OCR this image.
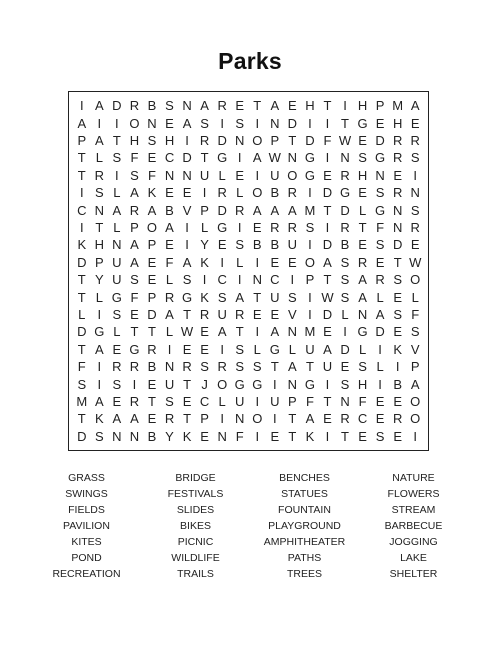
Parks
I A D R B S N A R E T A E H T I H P M A
A I	I O N E A S I S I N D I	I T G E H E
P A T H S H I R D N O P T D F W E D R R
T L S F E C D T G I A W N G I N S G R S
T R I S F N N U L E I U O G E R H N E I
I S L A K E E I R L O B R I D G E S R N
C N A R A B V P D R A A A M T D L G N S
I T L P O A I L G I E R R S I R T F N R
K H N A P E I Y E S B B U I D B E S D E
D P U A E F A K I L I E E O A S R E T W
T Y U S E L S I C I N C I P T S A R S O
T L G F P R G K S A T U S I W S A L E L
L I S E D A T R U R E E V I D L N A S F
D G L T T L W E A T I A N M E I G D E S
T A E G R I E E I S L G L U A D L I K V
F I R R B N R S R S S T A T U E S L I P
S I S I E U T J O G G I N G I S H I B A
M A E R T S E C L U I U P F T N F E E O
T K A A E R T P I N O I T A E R C E R O
D S N N B Y K E N F I E T K I T E S E I
GRASS	BRIDGE	BENCHES	NATURE
SWINGS	FESTIVALS	STATUES	FLOWERS
FIELDS	SLIDES	FOUNTAIN	STREAM
PAVILION	BIKES	PLAYGROUND	BARBECUE
KITES	PICNIC	AMPHITHEATER	JOGGING
POND	WILDLIFE	PATHS	LAKE
RECREATION	TRAILS	TREES	SHELTER
